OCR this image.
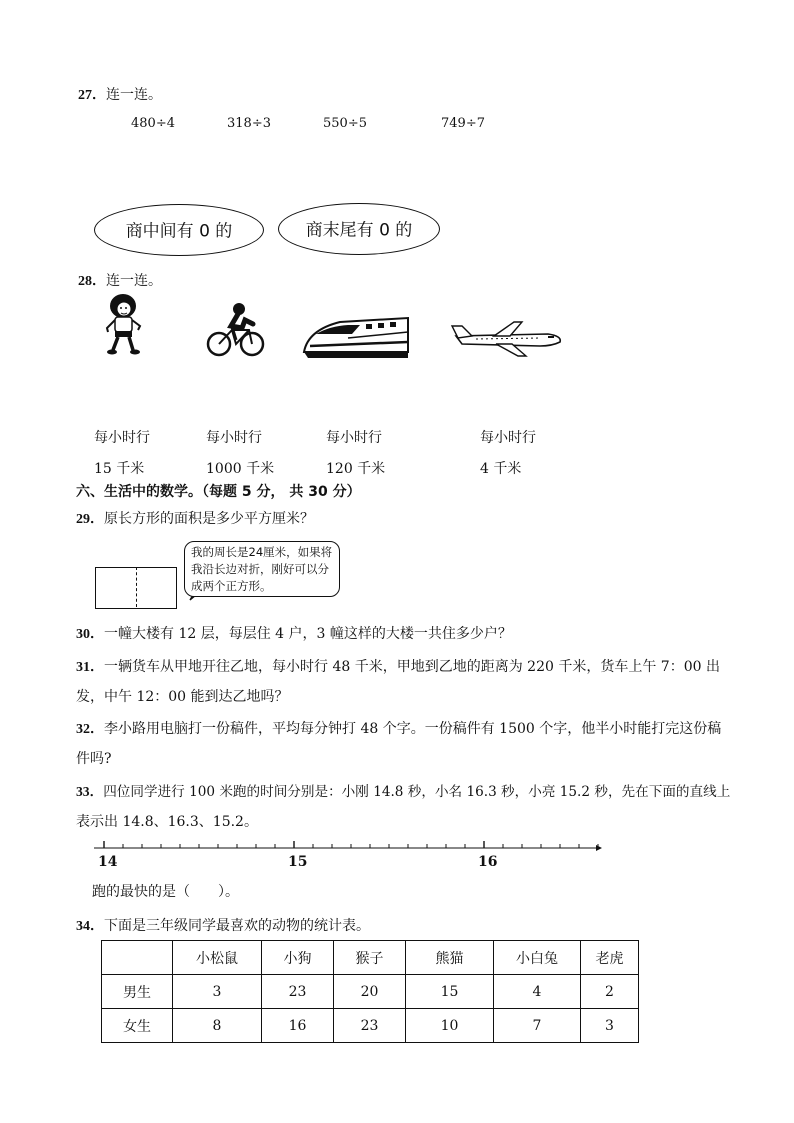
27．连一连。
480÷4	318÷3	550÷5	749÷7
商中间有 0 的	商末尾有 0 的
28．连一连。
每小时行	每小时行	每小时行	每小时行
15 千米	1000 千米	120 千米	4 千米
六、生活中的数学。（每题 5 分， 共 30 分）
29．原长方形的面积是多少平方厘米？
我的周长是24厘米，如果将我沿长边对折，刚好可以分成两个正方形。
30．一幢大楼有 12 层，每层住 4 户，3 幢这样的大楼一共住多少户？
31．一辆货车从甲地开往乙地，每小时行 48 千米，甲地到乙地的距离为 220 千米，货车上午 7：00 出
发，中午 12：00 能到达乙地吗？
32．李小路用电脑打一份稿件，平均每分钟打 48 个字。一份稿件有 1500 个字，他半小时能打完这份稿
件吗?
33．四位同学进行 100 米跑的时间分别是：小刚 14.8 秒，小名 16.3 秒，小亮 15.2 秒，先在下面的直线上
表示出 14.8、16.3、15.2。
14	15	16
跑的最快的是（　　）。
34．下面是三年级同学最喜欢的动物的统计表。
	小松鼠	小狗	猴子	熊猫	小白兔	老虎
男生	3	23	20	15	4	2
女生	8	16	23	10	7	3
